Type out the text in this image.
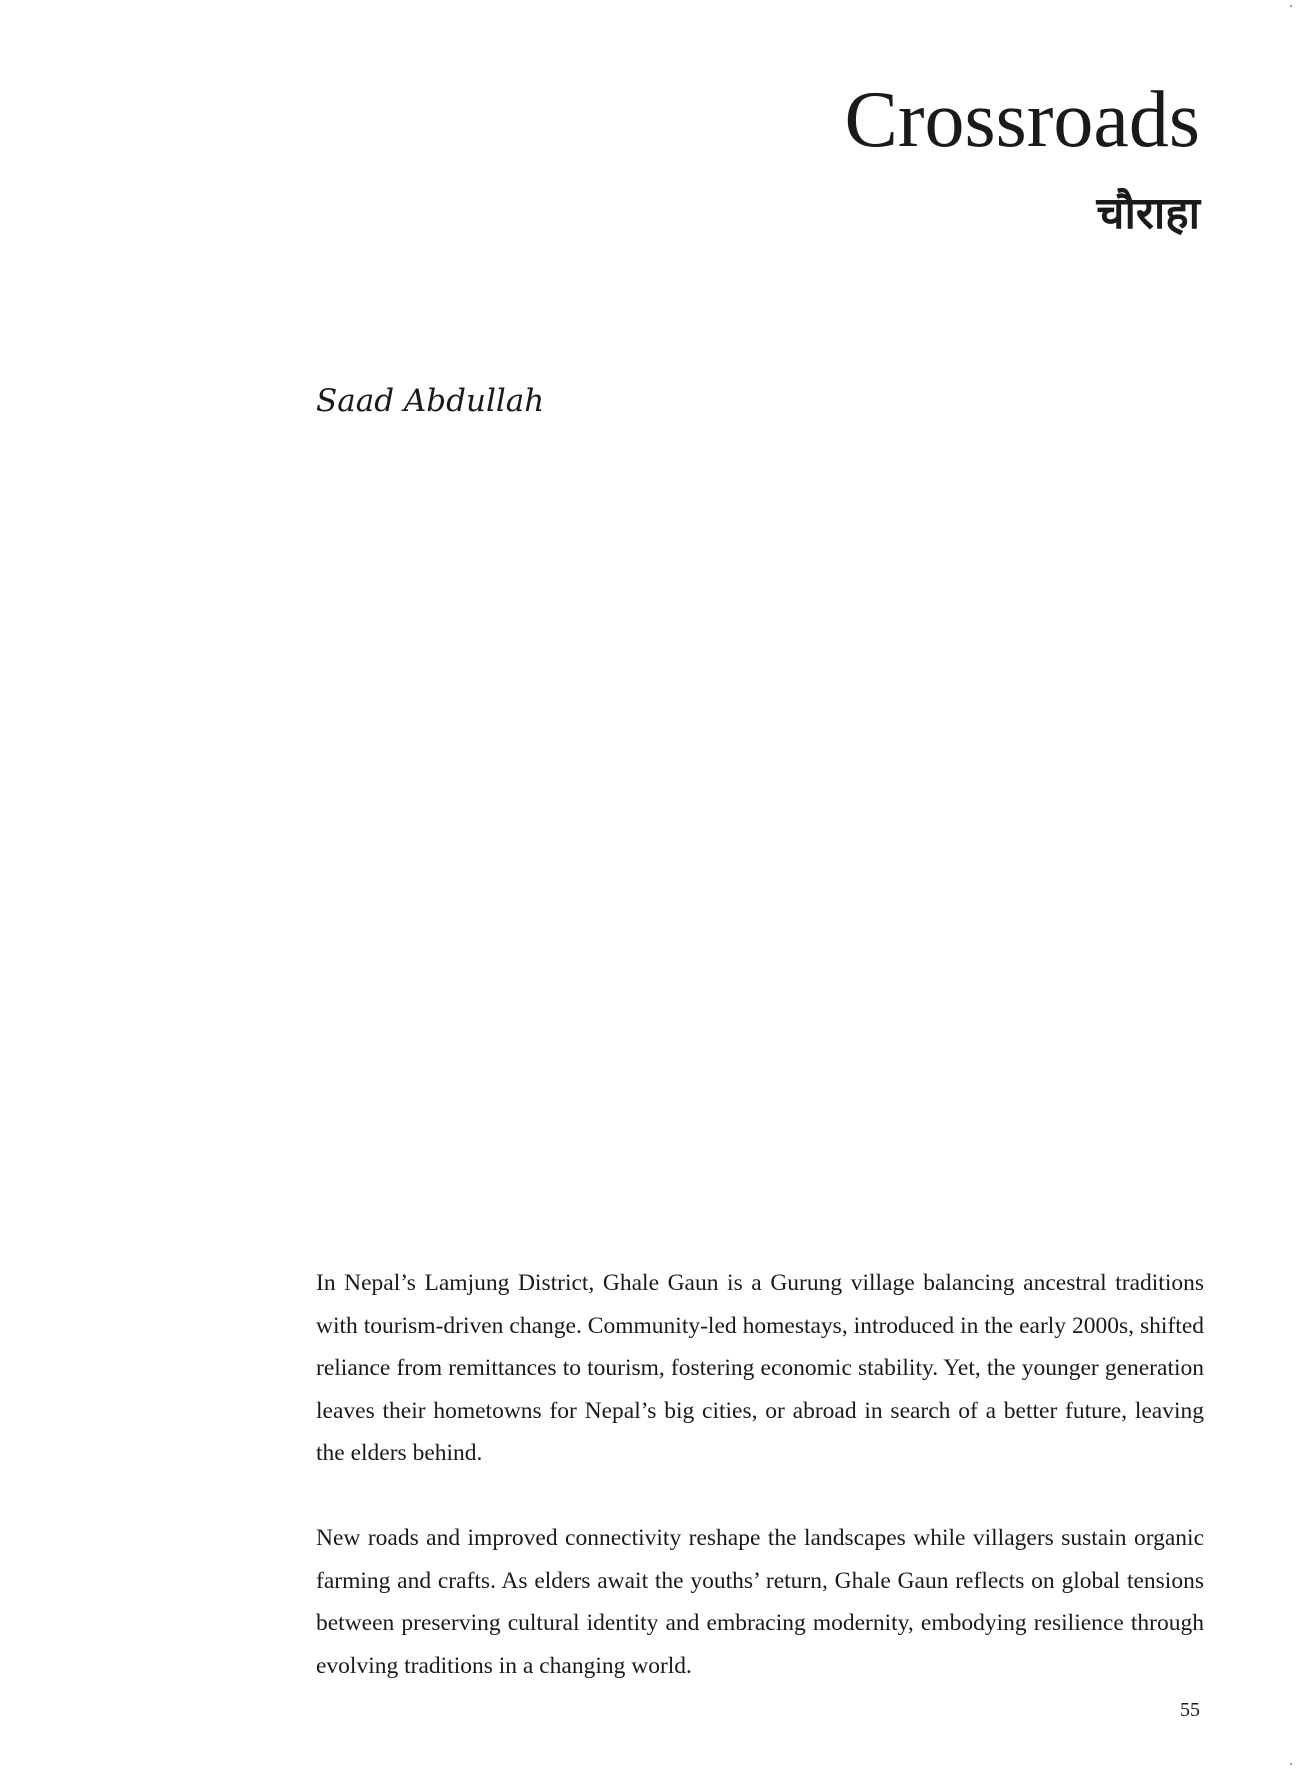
Crossroads
चौराहा

Saad Abdullah

In Nepal’s Lamjung District, Ghale Gaun is a Gurung village balancing ancestral traditions with tourism-driven change. Community-led homestays, introduced in the early 2000s, shifted reliance from remittances to tourism, fostering economic stability. Yet, the younger generation leaves their hometowns for Nepal’s big cities, or abroad in search of a better future, leaving the elders behind.

New roads and improved connectivity reshape the landscapes while villagers sustain organic farming and crafts. As elders await the youths’ return, Ghale Gaun reflects on global tensions between preserving cultural identity and embracing modernity, embodying resilience through evolving traditions in a changing world.

55
